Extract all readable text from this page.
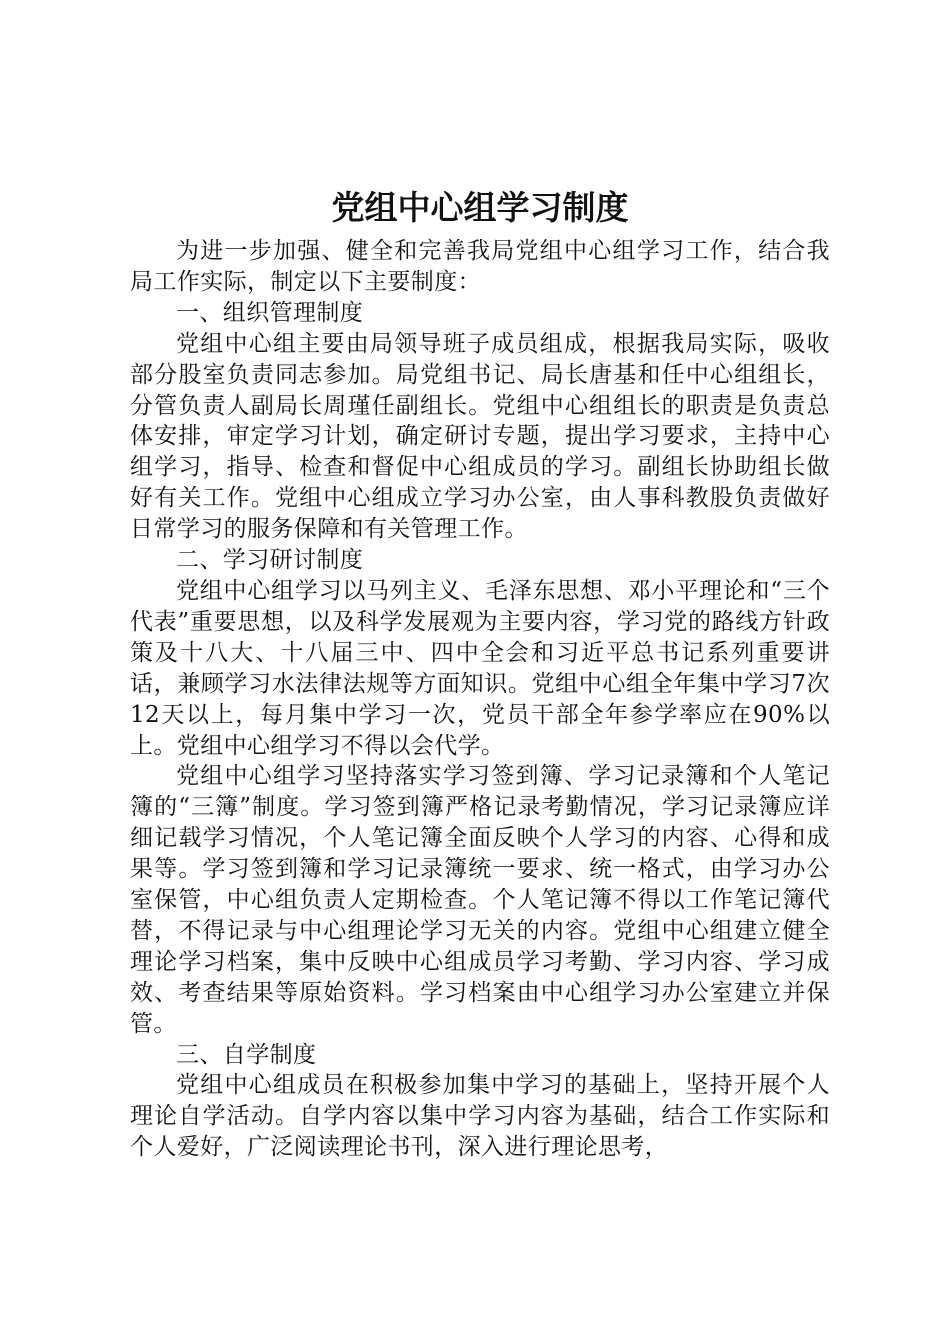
党组中心组学习制度

为进一步加强、健全和完善我局党组中心组学习工作，结合我局工作实际，制定以下主要制度：

一、组织管理制度

党组中心组主要由局领导班子成员组成，根据我局实际，吸收部分股室负责同志参加。局党组书记、局长唐基和任中心组组长，分管负责人副局长周瑾任副组长。党组中心组组长的职责是负责总体安排，审定学习计划，确定研讨专题，提出学习要求，主持中心组学习，指导、检查和督促中心组成员的学习。副组长协助组长做好有关工作。党组中心组成立学习办公室，由人事科教股负责做好日常学习的服务保障和有关管理工作。

二、学习研讨制度

党组中心组学习以马列主义、毛泽东思想、邓小平理论和“三个代表”重要思想，以及科学发展观为主要内容，学习党的路线方针政策及十八大、十八届三中、四中全会和习近平总书记系列重要讲话，兼顾学习水法律法规等方面知识。党组中心组全年集中学习7次12天以上，每月集中学习一次，党员干部全年参学率应在90%以上。党组中心组学习不得以会代学。

党组中心组学习坚持落实学习签到簿、学习记录簿和个人笔记簿的“三簿”制度。学习签到簿严格记录考勤情况，学习记录簿应详细记载学习情况，个人笔记簿全面反映个人学习的内容、心得和成果等。学习签到簿和学习记录簿统一要求、统一格式，由学习办公室保管，中心组负责人定期检查。个人笔记簿不得以工作笔记簿代替，不得记录与中心组理论学习无关的内容。党组中心组建立健全理论学习档案，集中反映中心组成员学习考勤、学习内容、学习成效、考查结果等原始资料。学习档案由中心组学习办公室建立并保管。

三、自学制度

党组中心组成员在积极参加集中学习的基础上，坚持开展个人理论自学活动。自学内容以集中学习内容为基础，结合工作实际和个人爱好，广泛阅读理论书刊，深入进行理论思考，
